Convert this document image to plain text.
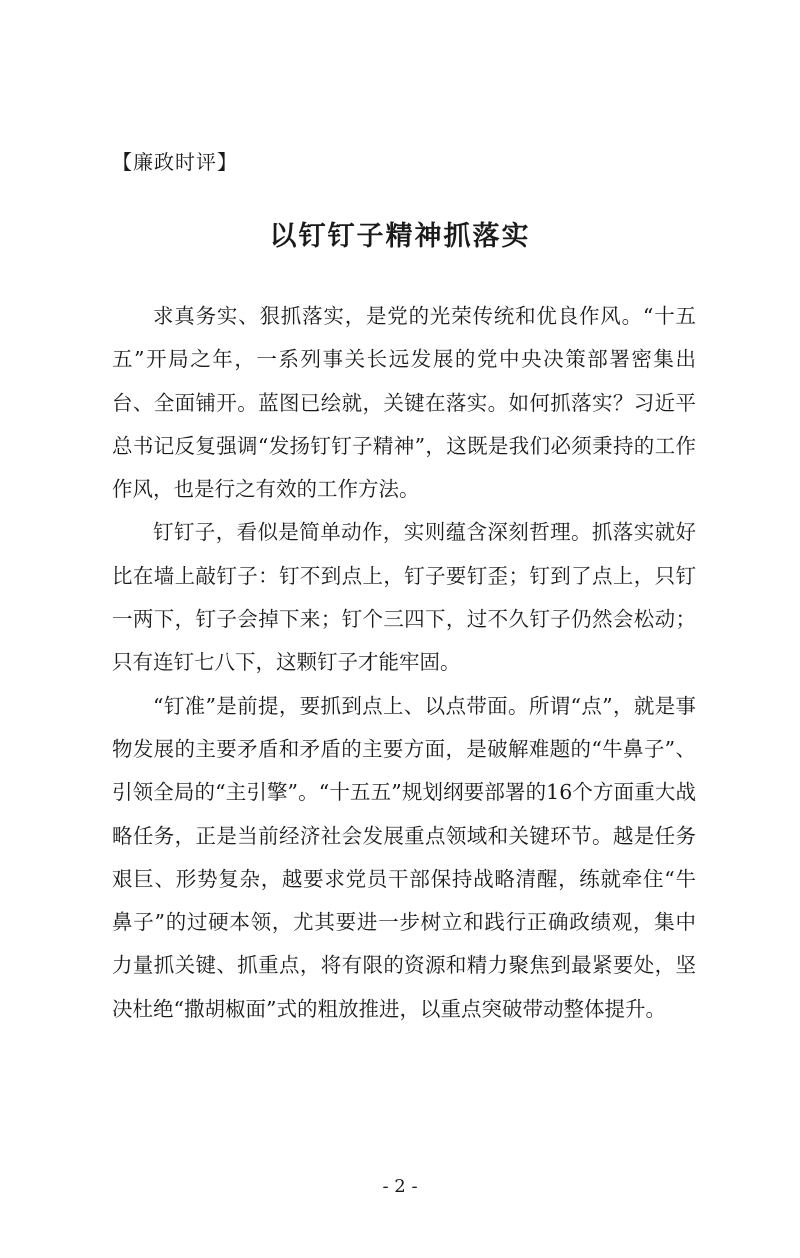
【廉政时评】
以钉钉子精神抓落实

求真务实、狠抓落实，是党的光荣传统和优良作风。“十五五”开局之年，一系列事关长远发展的党中央决策部署密集出台、全面铺开。蓝图已绘就，关键在落实。如何抓落实？习近平总书记反复强调“发扬钉钉子精神”，这既是我们必须秉持的工作作风，也是行之有效的工作方法。

钉钉子，看似是简单动作，实则蕴含深刻哲理。抓落实就好比在墙上敲钉子：钉不到点上，钉子要钉歪；钉到了点上，只钉一两下，钉子会掉下来；钉个三四下，过不久钉子仍然会松动；只有连钉七八下，这颗钉子才能牢固。

“钉准”是前提，要抓到点上、以点带面。所谓“点”，就是事物发展的主要矛盾和矛盾的主要方面，是破解难题的“牛鼻子”、引领全局的“主引擎”。“十五五”规划纲要部署的16个方面重大战略任务，正是当前经济社会发展重点领域和关键环节。越是任务艰巨、形势复杂，越要求党员干部保持战略清醒，练就牵住“牛鼻子”的过硬本领，尤其要进一步树立和践行正确政绩观，集中力量抓关键、抓重点，将有限的资源和精力聚焦到最紧要处，坚决杜绝“撒胡椒面”式的粗放推进，以重点突破带动整体提升。

- 2 -
